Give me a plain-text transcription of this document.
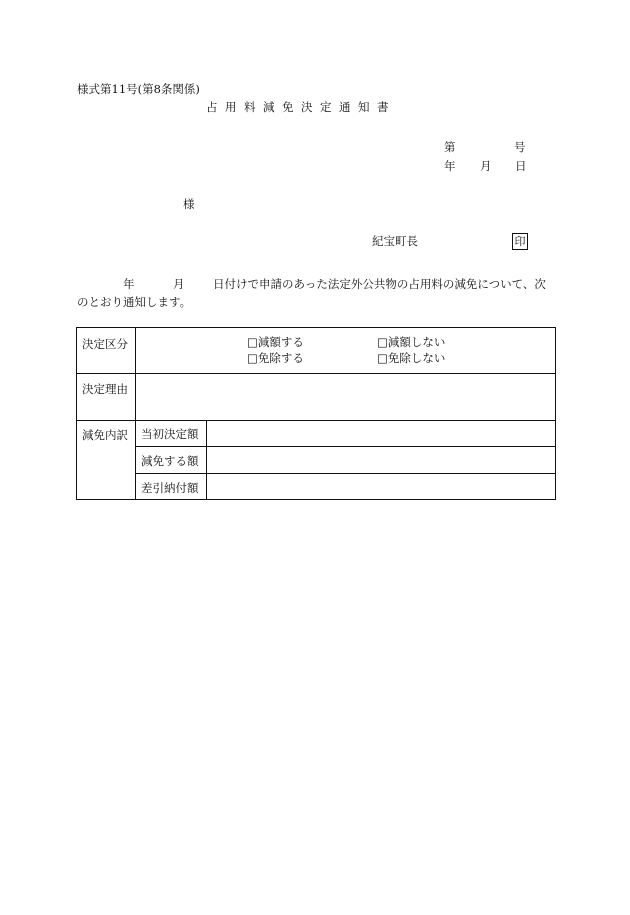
様式第11号(第8条関係)
占用料減免決定通知書
第	号
年 月 日
様
紀宝町長	印
年	月 日付けで申請のあった法定外公共物の占用料の減免について、次
のとおり通知します。
決定区分	□減額する	□減額しない
□免除する	□免除しない
決定理由
減免内訳 当初決定額
減免する額
差引納付額
